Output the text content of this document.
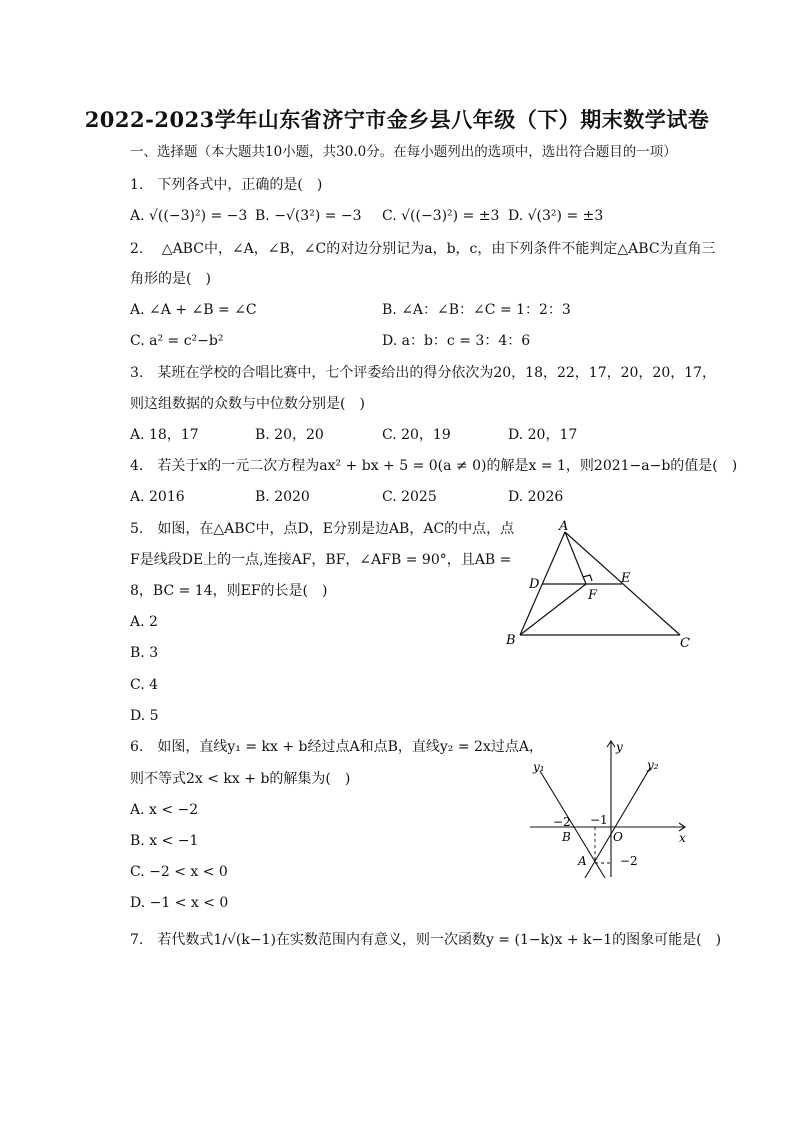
2022-2023学年山东省济宁市金乡县八年级（下）期末数学试卷
一、选择题（本大题共10小题，共30.0分。在每小题列出的选项中，选出符合题目的一项）
1.　下列各式中，正确的是(　)
A. √((−3)²) = −3 B. −√(3²) = −3 C. √((−3)²) = ±3 D. √(3²) = ±3
2.　 △ABC中，∠A，∠B，∠C的对边分别记为a，b，c，由下列条件不能判定△ABC为直角三
角形的是(　)
A. ∠A + ∠B = ∠C	B. ∠A：∠B：∠C = 1：2：3
C. a² = c²−b²	D. a：b：c = 3：4：6
3.　某班在学校的合唱比赛中，七个评委给出的得分依次为20，18，22，17，20，20，17，
则这组数据的众数与中位数分别是(　)
A. 18，17	B. 20，20	C. 20，19	D. 20，17
4.　若关于x的一元二次方程为ax² + bx + 5 = 0(a ≠ 0)的解是x = 1，则2021−a−b的值是(　)
A. 2016	B. 2020	C. 2025	D. 2026
5.　如图，在△ABC中，点D，E分别是边AB，AC的中点，点
F是线段DE上的一点,连接AF，BF，∠AFB = 90°，且AB =
8，BC = 14，则EF的长是(　)
A. 2
B. 3
C. 4
D. 5
A
D	E
F
B	C
6.　如图，直线y₁ = kx + b经过点A和点B，直线y₂ = 2x过点A，
则不等式2x < kx + b的解集为(　)
A. x < −2
B. x < −1
C. −2 < x < 0
D. −1 < x < 0
y
x
y₁	y₂
O
−2 −1
B
A	−2
7.　若代数式1/√(k−1)在实数范围内有意义，则一次函数y = (1−k)x + k−1的图象可能是(　)
